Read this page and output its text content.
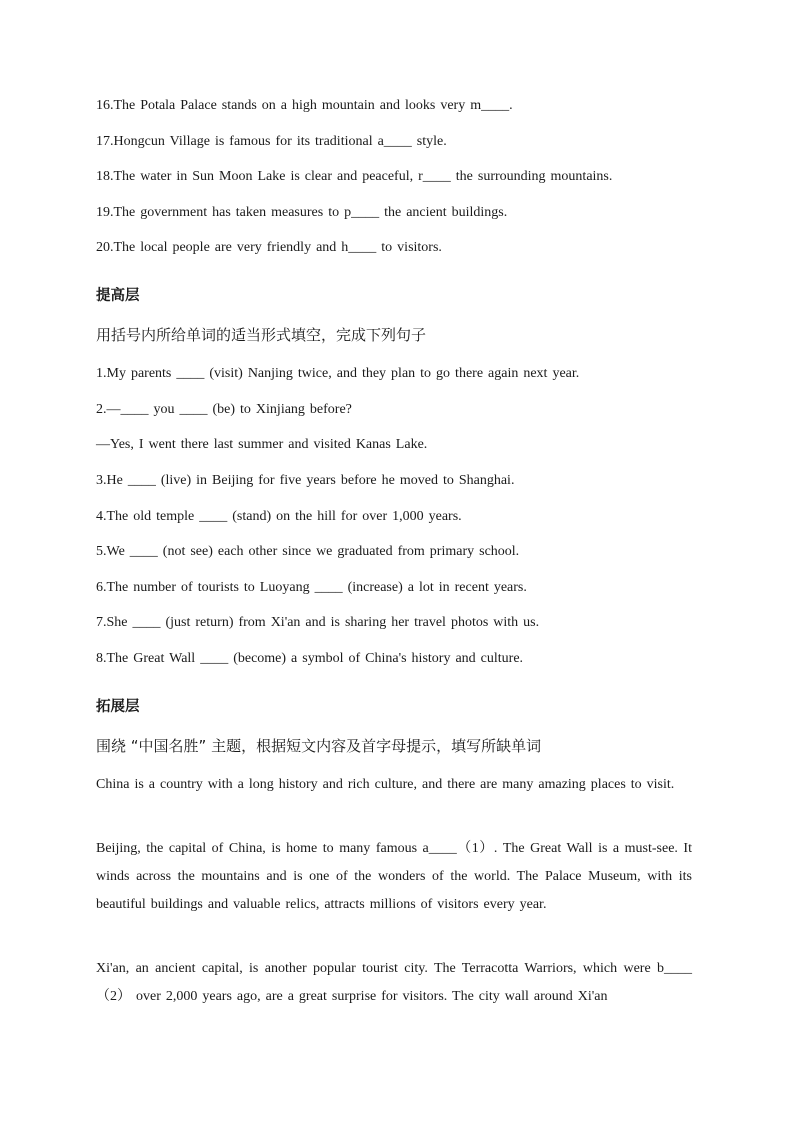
16.The Potala Palace stands on a high mountain and looks very m____.
17.Hongcun Village is famous for its traditional a____ style.
18.The water in Sun Moon Lake is clear and peaceful, r____ the surrounding mountains.
19.The government has taken measures to p____ the ancient buildings.
20.The local people are very friendly and h____ to visitors.
提高层
用括号内所给单词的适当形式填空，完成下列句子
1.My parents ____ (visit) Nanjing twice, and they plan to go there again next year.
2.—____ you ____ (be) to Xinjiang before?
—Yes, I went there last summer and visited Kanas Lake.
3.He ____ (live) in Beijing for five years before he moved to Shanghai.
4.The old temple ____ (stand) on the hill for over 1,000 years.
5.We ____ (not see) each other since we graduated from primary school.
6.The number of tourists to Luoyang ____ (increase) a lot in recent years.
7.She ____ (just return) from Xi'an and is sharing her travel photos with us.
8.The Great Wall ____ (become) a symbol of China's history and culture.
拓展层
围绕 “中国名胜” 主题，根据短文内容及首字母提示，填写所缺单词
China is a country with a long history and rich culture, and there are many amazing places to visit.
Beijing, the capital of China, is home to many famous a____（1）. The Great Wall is a must-see. It winds across the mountains and is one of the wonders of the world. The Palace Museum, with its beautiful buildings and valuable relics, attracts millions of visitors every year.
Xi'an, an ancient capital, is another popular tourist city. The Terracotta Warriors, which were b____（2） over 2,000 years ago, are a great surprise for visitors. The city wall around Xi'an
